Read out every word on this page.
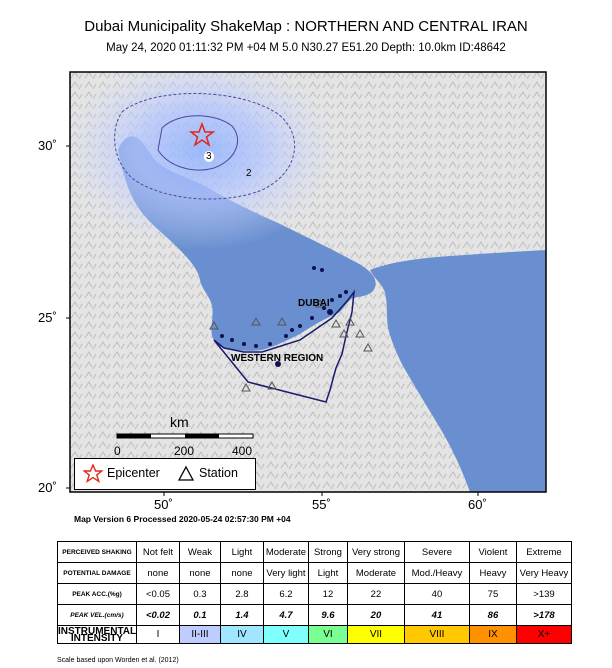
Dubai Municipality ShakeMap : NORTHERN AND CENTRAL IRAN
May 24, 2020 01:11:32 PM +04 M 5.0 N30.27 E51.20 Depth: 10.0km ID:48642
3
2
DUBAI
WESTERN REGION
30˚
25˚
20˚
50˚	55˚	60˚
km
0	200	400
Epicenter	Station
Map Version 6 Processed 2020-05-24 02:57:30 PM +04
PERCEIVED SHAKING	Not felt	Weak	Light	Moderate	Strong	Very strong	Severe	Violent	Extreme
POTENTIAL DAMAGE	none	none	none	Very light	Light	Moderate	Mod./Heavy	Heavy	Very Heavy
PEAK ACC.(%g)	<0.05	0.3	2.8	6.2	12	22	40	75	>139
PEAK VEL.(cm/s)	<0.02	0.1	1.4	4.7	9.6	20	41	86	>178
INSTRUMENTAL INTENSITY	I	II-III	IV	V	VI	VII	VIII	IX	X+
Scale based upon Worden et al. (2012)
